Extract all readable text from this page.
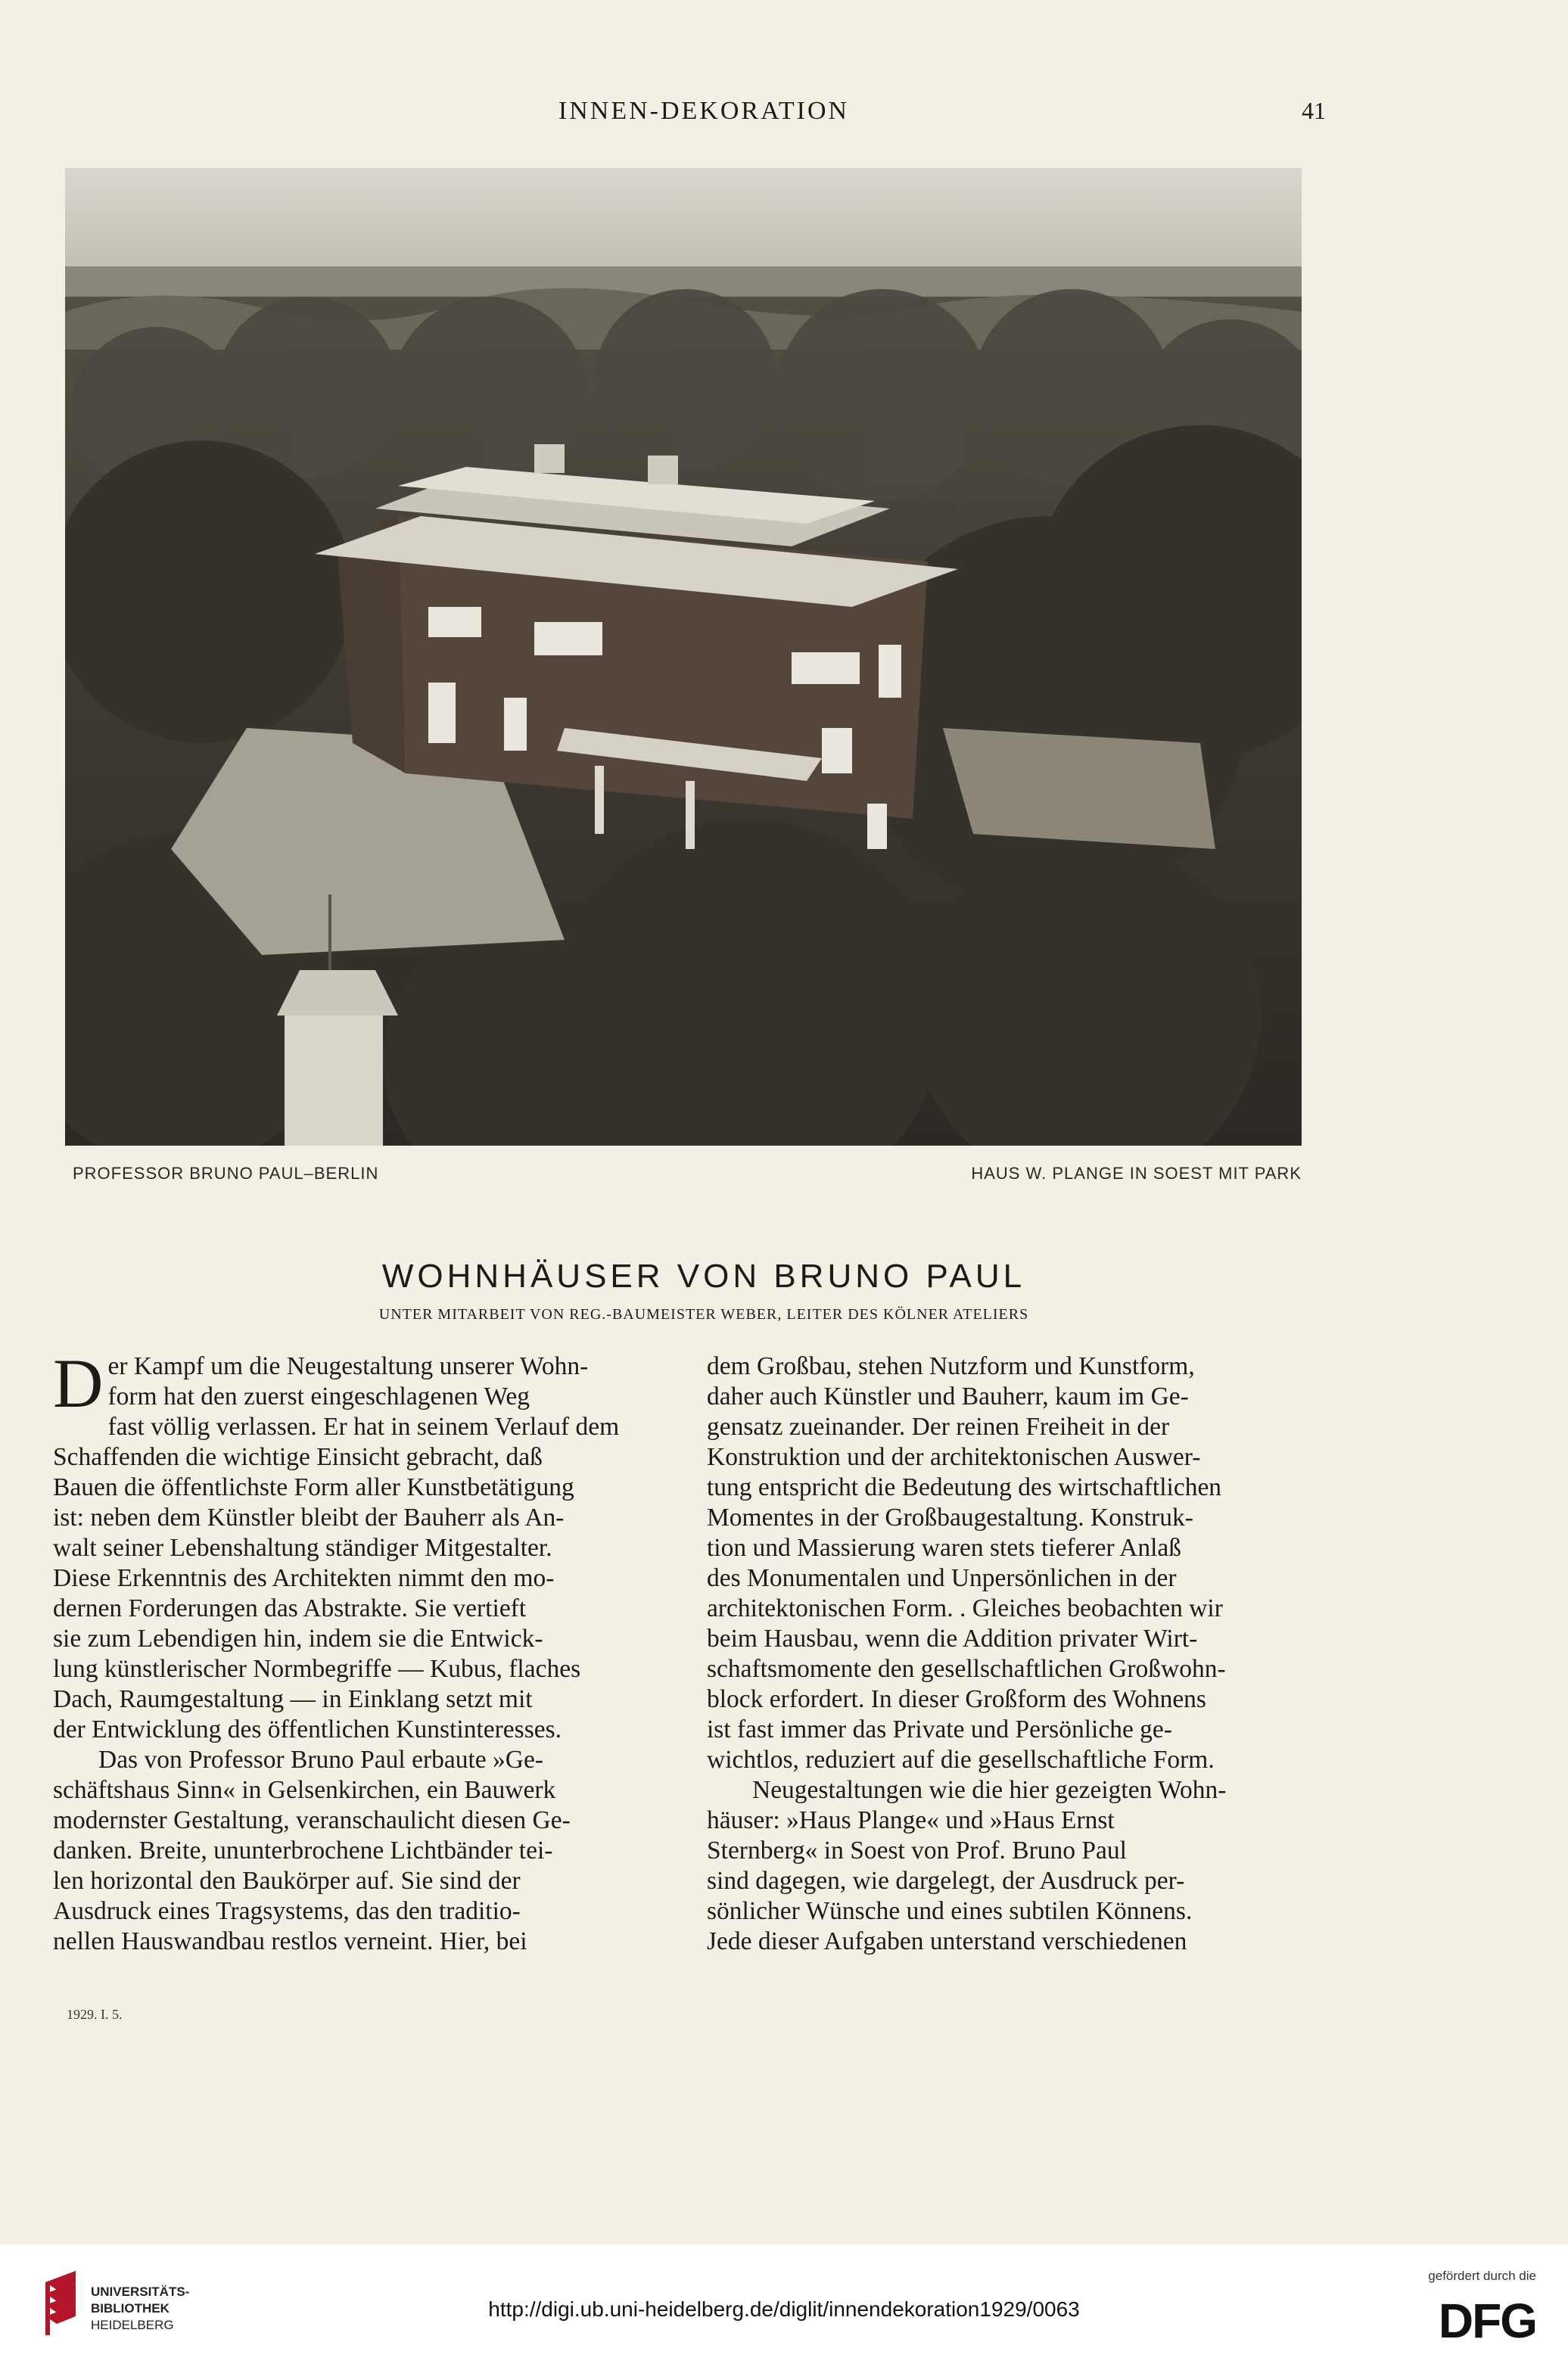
INNEN-DEKORATION	41
PROFESSOR BRUNO PAUL–BERLIN	HAUS W. PLANGE IN SOEST MIT PARK
WOHNHÄUSER VON BRUNO PAUL
UNTER MITARBEIT VON REG.-BAUMEISTER WEBER, LEITER DES KÖLNER ATELIERS
D er Kampf um die Neugestaltung unserer Wohn-
form hat den zuerst eingeschlagenen Weg
fast völlig verlassen. Er hat in seinem Verlauf dem
Schaffenden die wichtige Einsicht gebracht, daß
Bauen die öffentlichste Form aller Kunstbetätigung
ist: neben dem Künstler bleibt der Bauherr als An-
walt seiner Lebenshaltung ständiger Mitgestalter.
Diese Erkenntnis des Architekten nimmt den mo-
dernen Forderungen das Abstrakte. Sie vertieft
sie zum Lebendigen hin, indem sie die Entwick-
lung künstlerischer Normbegriffe — Kubus, flaches
Dach, Raumgestaltung — in Einklang setzt mit
der Entwicklung des öffentlichen Kunstinteresses.
Das von Professor Bruno Paul erbaute »Ge-
schäftshaus Sinn« in Gelsenkirchen, ein Bauwerk
modernster Gestaltung, veranschaulicht diesen Ge-
danken. Breite, ununterbrochene Lichtbänder tei-
len horizontal den Baukörper auf. Sie sind der
Ausdruck eines Tragsystems, das den traditio-
nellen Hauswandbau restlos verneint. Hier, bei
dem Großbau, stehen Nutzform und Kunstform,
daher auch Künstler und Bauherr, kaum im Ge-
gensatz zueinander. Der reinen Freiheit in der
Konstruktion und der architektonischen Auswer-
tung entspricht die Bedeutung des wirtschaftlichen
Momentes in der Großbaugestaltung. Konstruk-
tion und Massierung waren stets tieferer Anlaß
des Monumentalen und Unpersönlichen in der
architektonischen Form. . Gleiches beobachten wir
beim Hausbau, wenn die Addition privater Wirt-
schaftsmomente den gesellschaftlichen Großwohn-
block erfordert. In dieser Großform des Wohnens
ist fast immer das Private und Persönliche ge-
wichtlos, reduziert auf die gesellschaftliche Form.
Neugestaltungen wie die hier gezeigten Wohn-
häuser: »Haus Plange« und »Haus Ernst
Sternberg« in Soest von Prof. Bruno Paul
sind dagegen, wie dargelegt, der Ausdruck per-
sönlicher Wünsche und eines subtilen Könnens.
Jede dieser Aufgaben unterstand verschiedenen
1929. I. 5.
UNIVERSITÄTS-
BIBLIOTHEK
HEIDELBERG
http://digi.ub.uni-heidelberg.de/diglit/innendekoration1929/0063
gefördert durch die
DFG
